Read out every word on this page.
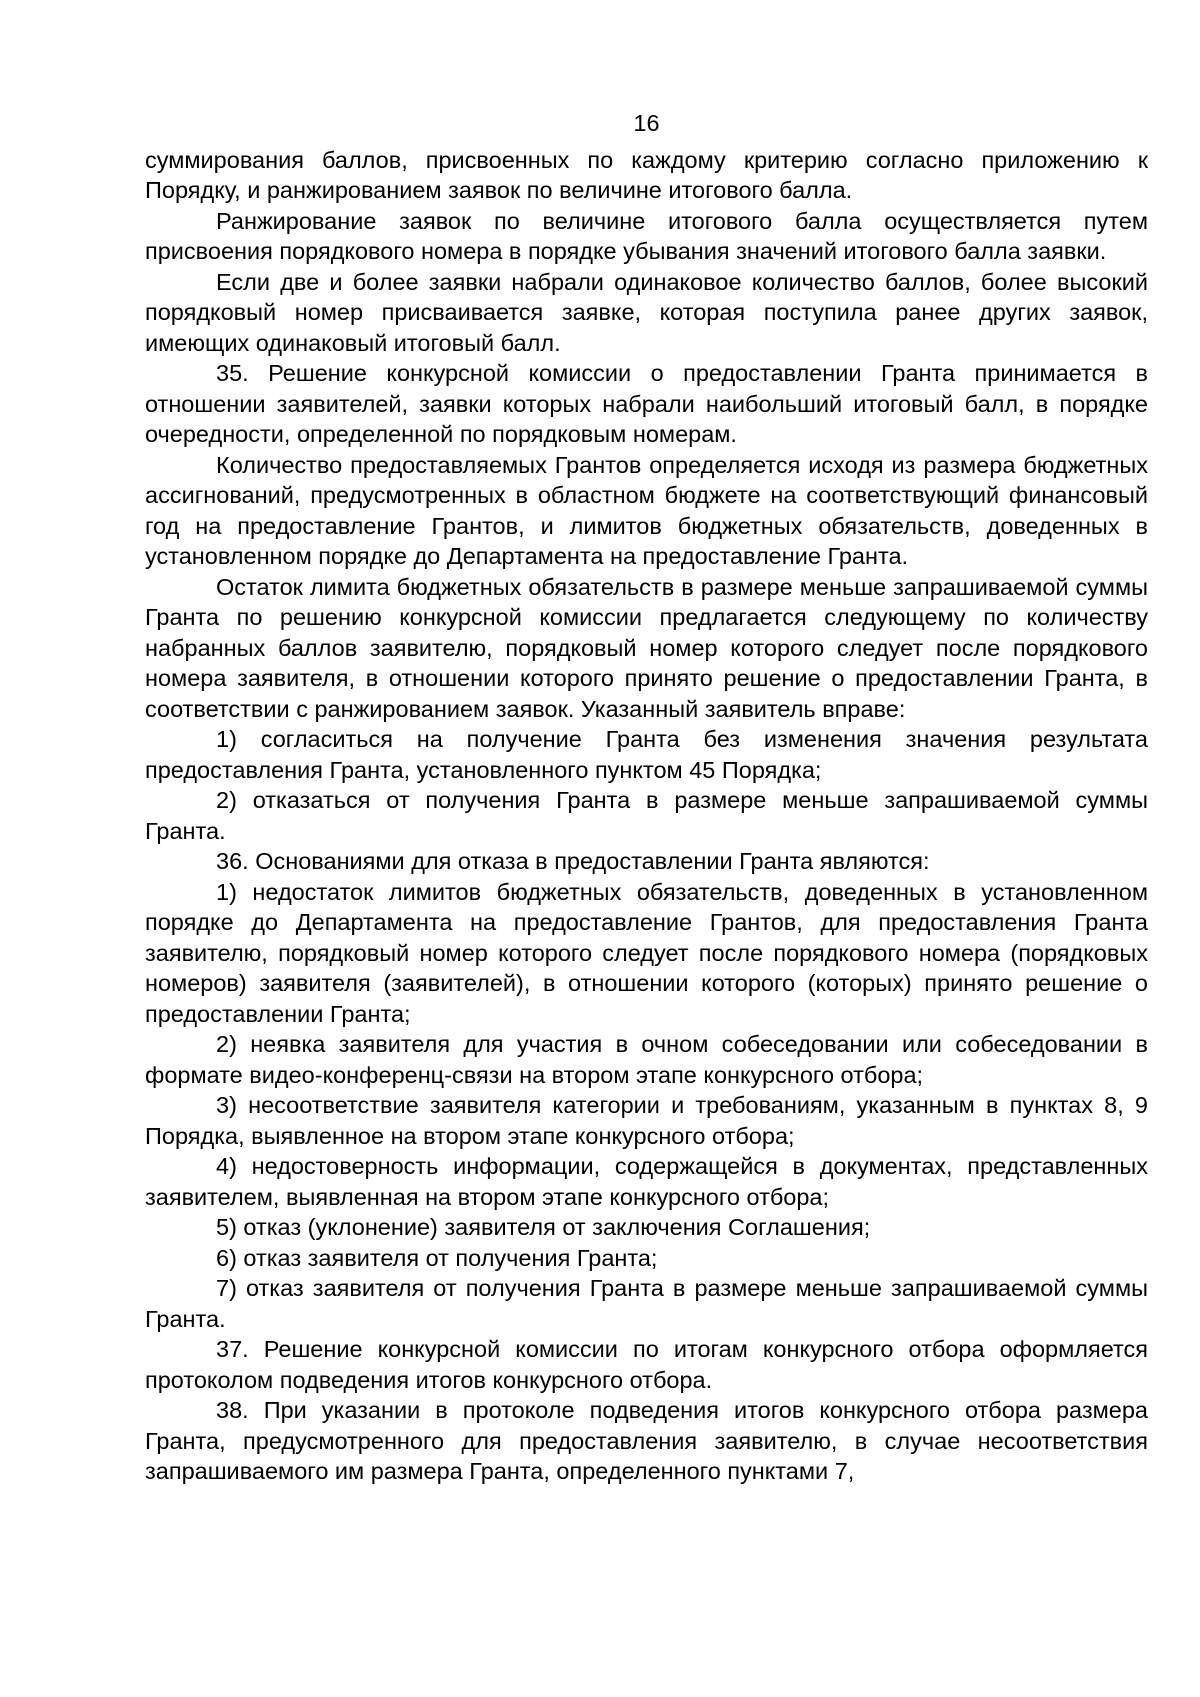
16

суммирования баллов, присвоенных по каждому критерию согласно приложению к Порядку, и ранжированием заявок по величине итогового балла.

Ранжирование заявок по величине итогового балла осуществляется путем присвоения порядкового номера в порядке убывания значений итогового балла заявки.

Если две и более заявки набрали одинаковое количество баллов, более высокий порядковый номер присваивается заявке, которая поступила ранее других заявок, имеющих одинаковый итоговый балл.

35. Решение конкурсной комиссии о предоставлении Гранта принимается в отношении заявителей, заявки которых набрали наибольший итоговый балл, в порядке очередности, определенной по порядковым номерам.

Количество предоставляемых Грантов определяется исходя из размера бюджетных ассигнований, предусмотренных в областном бюджете на соответствующий финансовый год на предоставление Грантов, и лимитов бюджетных обязательств, доведенных в установленном порядке до Департамента на предоставление Гранта.

Остаток лимита бюджетных обязательств в размере меньше запрашиваемой суммы Гранта по решению конкурсной комиссии предлагается следующему по количеству набранных баллов заявителю, порядковый номер которого следует после порядкового номера заявителя, в отношении которого принято решение о предоставлении Гранта, в соответствии с ранжированием заявок. Указанный заявитель вправе:

1) согласиться на получение Гранта без изменения значения результата предоставления Гранта, установленного пунктом 45 Порядка;

2) отказаться от получения Гранта в размере меньше запрашиваемой суммы Гранта.

36. Основаниями для отказа в предоставлении Гранта являются:

1) недостаток лимитов бюджетных обязательств, доведенных в установленном порядке до Департамента на предоставление Грантов, для предоставления Гранта заявителю, порядковый номер которого следует после порядкового номера (порядковых номеров) заявителя (заявителей), в отношении которого (которых) принято решение о предоставлении Гранта;

2) неявка заявителя для участия в очном собеседовании или собеседовании в формате видео-конференц-связи на втором этапе конкурсного отбора;

3) несоответствие заявителя категории и требованиям, указанным в пунктах 8, 9 Порядка, выявленное на втором этапе конкурсного отбора;

4) недостоверность информации, содержащейся в документах, представленных заявителем, выявленная на втором этапе конкурсного отбора;

5) отказ (уклонение) заявителя от заключения Соглашения;

6) отказ заявителя от получения Гранта;

7) отказ заявителя от получения Гранта в размере меньше запрашиваемой суммы Гранта.

37. Решение конкурсной комиссии по итогам конкурсного отбора оформляется протоколом подведения итогов конкурсного отбора.

38. При указании в протоколе подведения итогов конкурсного отбора размера Гранта, предусмотренного для предоставления заявителю, в случае несоответствия запрашиваемого им размера Гранта, определенного пунктами 7,
